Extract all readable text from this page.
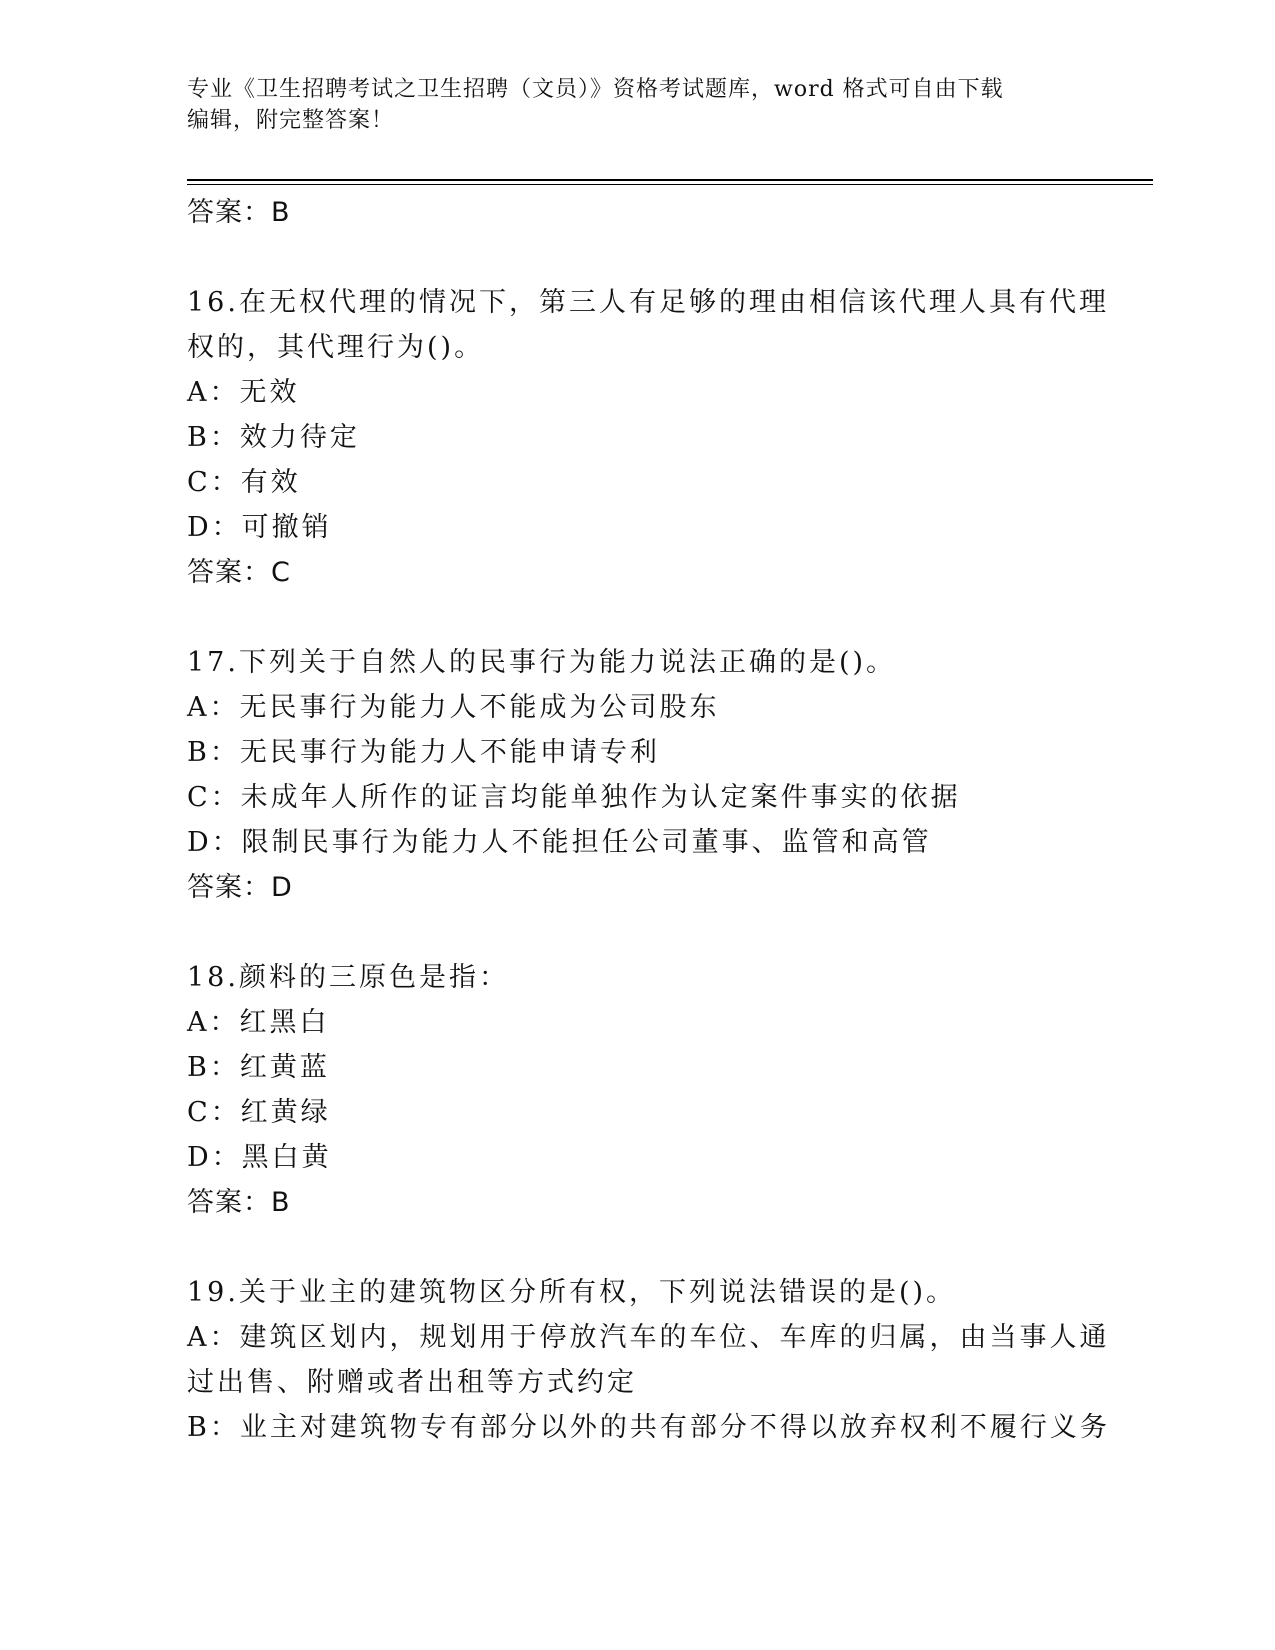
专业《卫生招聘考试之卫生招聘（文员）》资格考试题库，word 格式可自由下载
编辑，附完整答案！
答案：B
16.在无权代理的情况下，第三人有足够的理由相信该代理人具有代理
权的，其代理行为()。
A：无效
B：效力待定
C：有效
D：可撤销
答案：C
17.下列关于自然人的民事行为能力说法正确的是()。
A：无民事行为能力人不能成为公司股东
B：无民事行为能力人不能申请专利
C：未成年人所作的证言均能单独作为认定案件事实的依据
D：限制民事行为能力人不能担任公司董事、监管和高管
答案：D
18.颜料的三原色是指：
A：红黑白
B：红黄蓝
C：红黄绿
D：黑白黄
答案：B
19.关于业主的建筑物区分所有权，下列说法错误的是()。
A：建筑区划内，规划用于停放汽车的车位、车库的归属，由当事人通
过出售、附赠或者出租等方式约定
B：业主对建筑物专有部分以外的共有部分不得以放弃权利不履行义务
